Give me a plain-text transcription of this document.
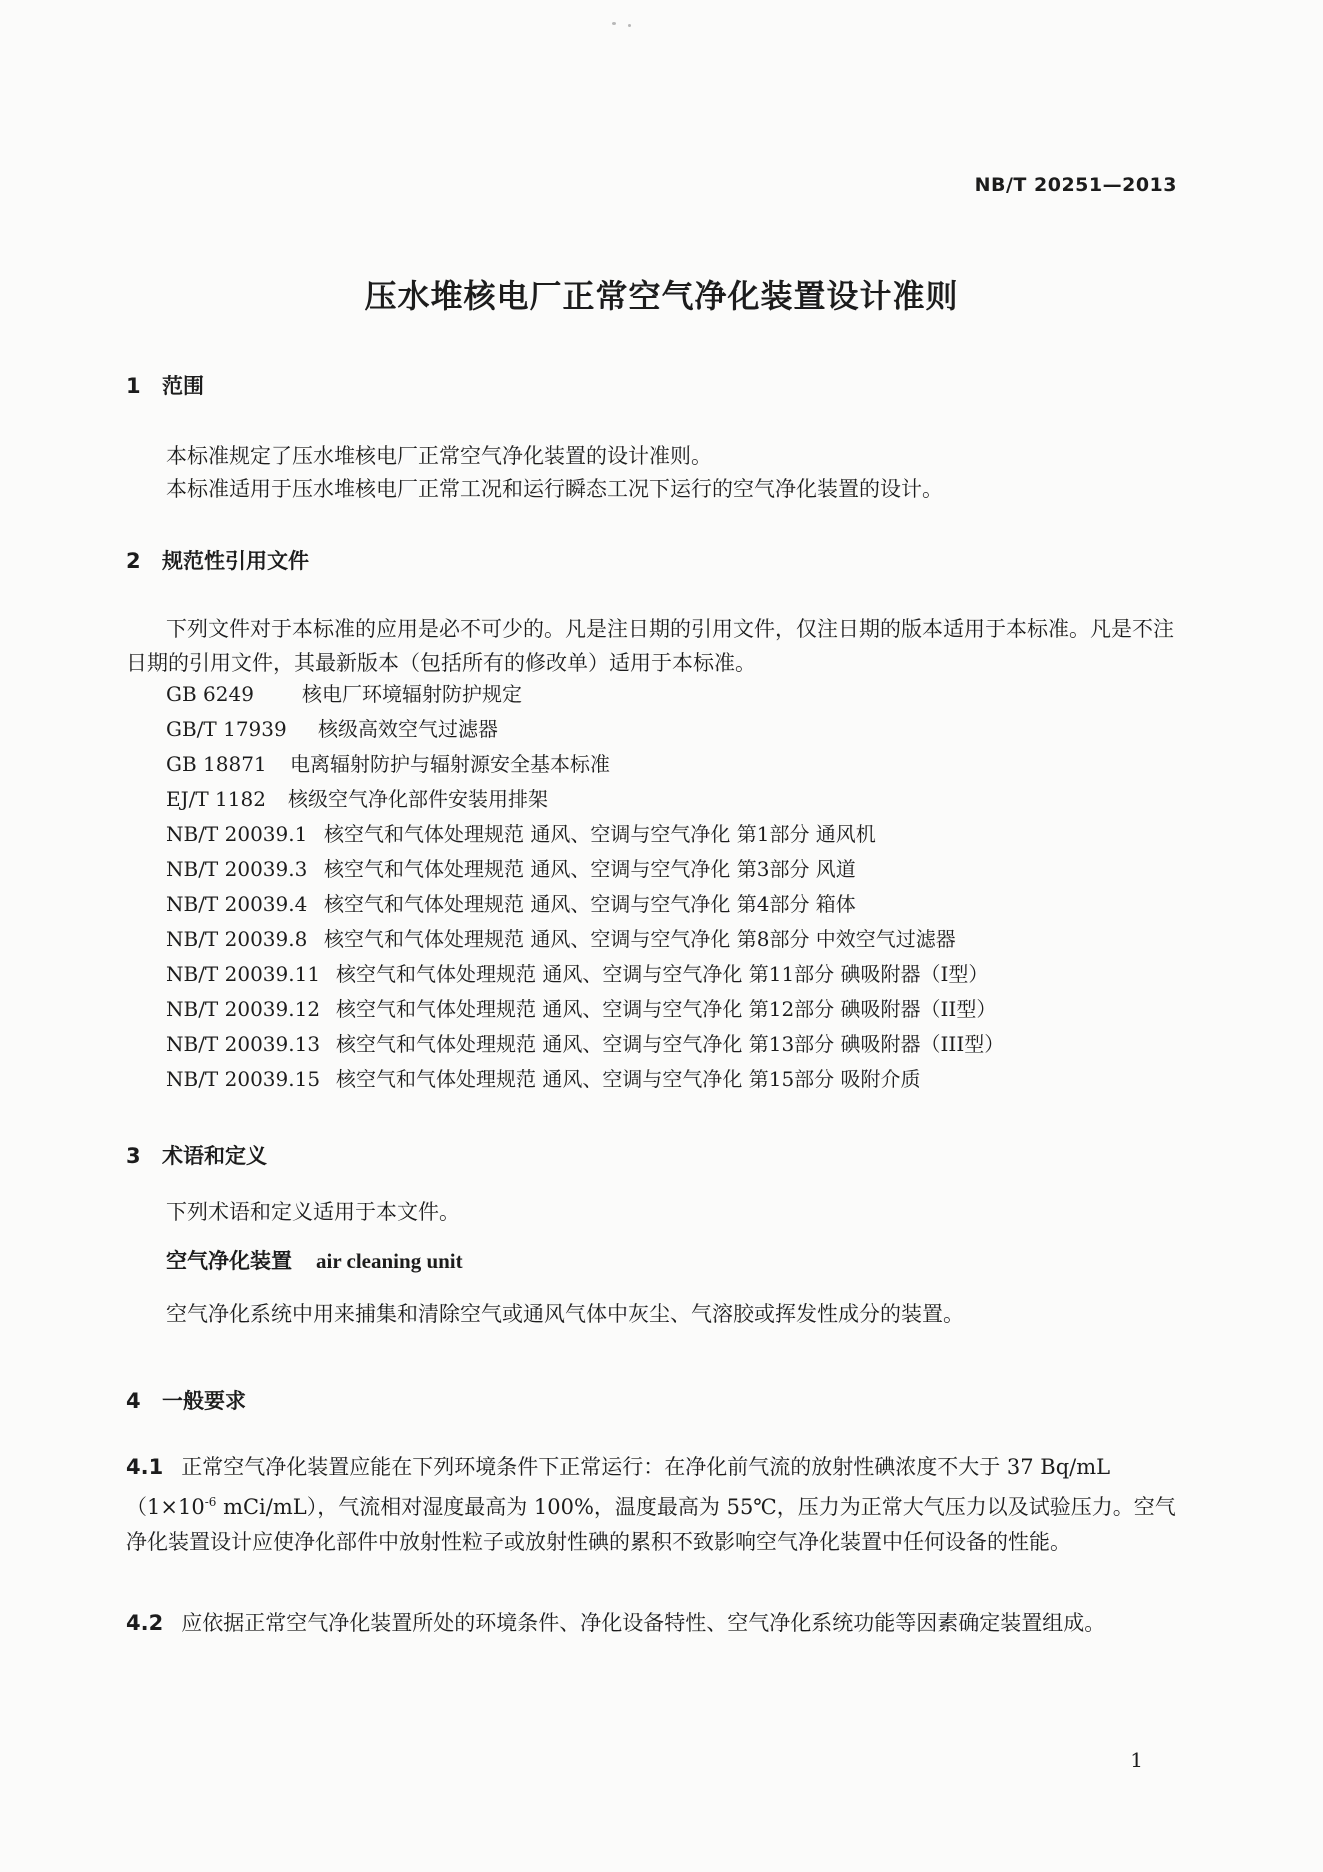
NB/T 20251—2013
压水堆核电厂正常空气净化装置设计准则
1 范围
本标准规定了压水堆核电厂正常空气净化装置的设计准则。
本标准适用于压水堆核电厂正常工况和运行瞬态工况下运行的空气净化装置的设计。
2 规范性引用文件
下列文件对于本标准的应用是必不可少的。凡是注日期的引用文件，仅注日期的版本适用于本标准。凡是不注日期的引用文件，其最新版本（包括所有的修改单）适用于本标准。
GB 6249 核电厂环境辐射防护规定
GB/T 17939 核级高效空气过滤器
GB 18871 电离辐射防护与辐射源安全基本标准
EJ/T 1182 核级空气净化部件安装用排架
NB/T 20039.1 核空气和气体处理规范 通风、空调与空气净化 第1部分 通风机
NB/T 20039.3 核空气和气体处理规范 通风、空调与空气净化 第3部分 风道
NB/T 20039.4 核空气和气体处理规范 通风、空调与空气净化 第4部分 箱体
NB/T 20039.8 核空气和气体处理规范 通风、空调与空气净化 第8部分 中效空气过滤器
NB/T 20039.11 核空气和气体处理规范 通风、空调与空气净化 第11部分 碘吸附器（I型）
NB/T 20039.12 核空气和气体处理规范 通风、空调与空气净化 第12部分 碘吸附器（II型）
NB/T 20039.13 核空气和气体处理规范 通风、空调与空气净化 第13部分 碘吸附器（III型）
NB/T 20039.15 核空气和气体处理规范 通风、空调与空气净化 第15部分 吸附介质
3 术语和定义
下列术语和定义适用于本文件。
空气净化装置 air cleaning unit
空气净化系统中用来捕集和清除空气或通风气体中灰尘、气溶胶或挥发性成分的装置。
4 一般要求
4.1 正常空气净化装置应能在下列环境条件下正常运行：在净化前气流的放射性碘浓度不大于 37 $Bq/mL(1\times 10^{-6}$ mCi/mL），气流相对湿度最高为 100%，温度最高为 55℃，压力为正常大气压力以及试验压力。空气净化装置设计应使净化部件中放射性粒子或放射性碘的累积不致影响空气净化装置中任何设备的性能。
4.2 应依据正常空气净化装置所处的环境条件、净化设备特性、空气净化系统功能等因素确定装置组成。
1
